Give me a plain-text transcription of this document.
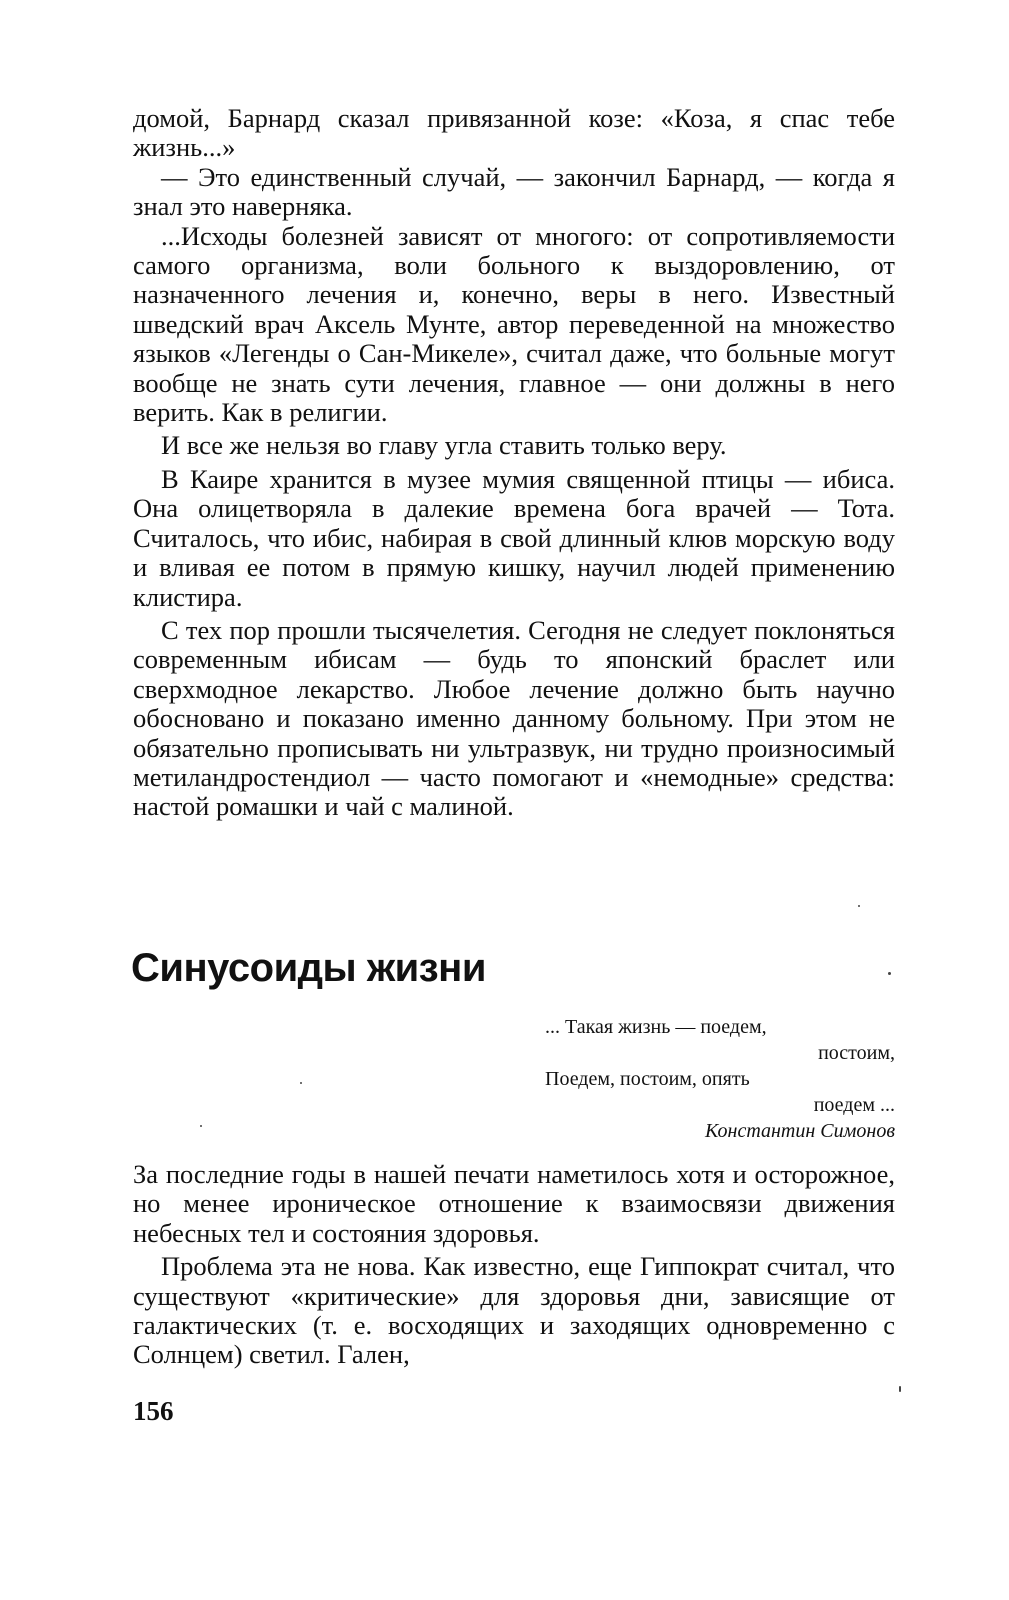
домой, Барнард сказал привязанной козе: «Коза, я спас тебе жизнь...»

— Это единственный случай, — закончил Барнард, — когда я знал это наверняка.

...Исходы болезней зависят от многого: от сопротивляемости самого организма, воли больного к выздоровлению, от назначенного лечения и, конечно, веры в него. Известный шведский врач Аксель Мунте, автор переведенной на множество языков «Легенды о Сан-Микеле», считал даже, что больные могут вообще не знать сути лечения, главное — они должны в него верить. Как в религии.

И все же нельзя во главу угла ставить только веру.

В Каире хранится в музее мумия священной птицы — ибиса. Она олицетворяла в далекие времена бога врачей — Тота. Считалось, что ибис, набирая в свой длинный клюв морскую воду и вливая ее потом в прямую кишку, научил людей применению клистира.

С тех пор прошли тысячелетия. Сегодня не следует поклоняться современным ибисам — будь то японский браслет или сверхмодное лекарство. Любое лечение должно быть научно обосновано и показано именно данному больному. При этом не обязательно прописывать ни ультразвук, ни трудно произносимый метиландростендиол — часто помогают и «немодные» средства: настой ромашки и чай с малиной.

Синусоиды жизни
... Такая жизнь — поедем,
постоим,
Поедем, постоим, опять
поедем ...
Константин Симонов

За последние годы в нашей печати наметилось хотя и осторожное, но менее ироническое отношение к взаимосвязи движения небесных тел и состояния здоровья.

Проблема эта не нова. Как известно, еще Гиппократ считал, что существуют «критические» для здоровья дни, зависящие от галактических (т. е. восходящих и заходящих одновременно с Солнцем) светил. Гален,

156
